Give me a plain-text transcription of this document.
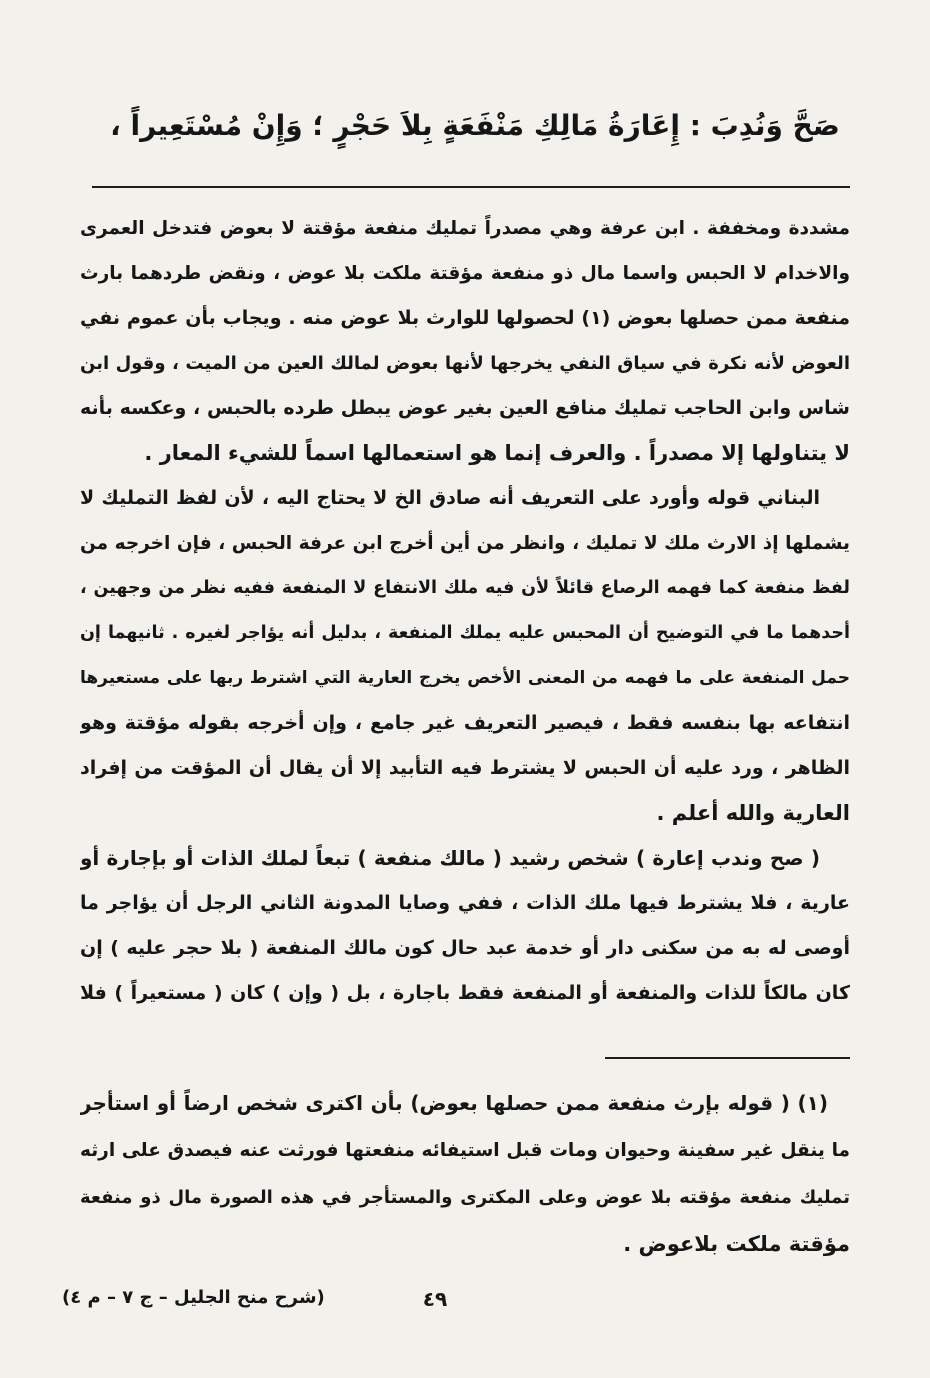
صَحَّ وَنُدِبَ : إِعَارَةُ مَالِكِ مَنْفَعَةٍ بِلاَ حَجْرٍ ؛ وَإِنْ مُسْتَعِيراً ،
مشددة ومخففة . ابن عرفة وهي مصدراً تمليك منفعة مؤقتة لا بعوض فتدخل العمرى
والاخدام لا الحبس واسما مال ذو منفعة مؤقتة ملكت بلا عوض ، ونقض طردهما بارث
منفعة ممن حصلها بعوض (١) لحصولها للوارث بلا عوض منه . ويجاب بأن عموم نفي
العوض لأنه نكرة في سياق النفي يخرجها لأنها بعوض لمالك العين من الميت ، وقول ابن
شاس وابن الحاجب تمليك منافع العين بغير عوض يبطل طرده بالحبس ، وعكسه بأنه
لا يتناولها إلا مصدراً . والعرف إنما هو استعمالها اسماً للشيء المعار .
البناني قوله وأورد على التعريف أنه صادق الخ لا يحتاج اليه ، لأن لفظ التمليك لا
يشملها إذ الارث ملك لا تمليك ، وانظر من أين أخرج ابن عرفة الحبس ، فإن اخرجه من
لفظ منفعة كما فهمه الرصاع قائلاً لأن فيه ملك الانتفاع لا المنفعة ففيه نظر من وجهين ،
أحدهما ما في التوضيح أن المحبس عليه يملك المنفعة ، بدليل أنه يؤاجر لغيره . ثانيهما إن
حمل المنفعة على ما فهمه من المعنى الأخص يخرج العارية التي اشترط ربها على مستعيرها
انتفاعه بها بنفسه فقط ، فيصير التعريف غير جامع ، وإن أخرجه بقوله مؤقتة وهو
الظاهر ، ورد عليه أن الحبس لا يشترط فيه التأبيد إلا أن يقال أن المؤقت من إفراد
العارية والله أعلم .
( صح وندب إعارة ) شخص رشيد ( مالك منفعة ) تبعاً لملك الذات أو بإجارة أو
عارية ، فلا يشترط فيها ملك الذات ، ففي وصايا المدونة الثاني الرجل أن يؤاجر ما
أوصى له به من سكنى دار أو خدمة عبد حال كون مالك المنفعة ( بلا حجر عليه ) إن
كان مالكاً للذات والمنفعة أو المنفعة فقط باجارة ، بل ( وإن ) كان ( مستعيراً ) فلا
(١) ( قوله بإرث منفعة ممن حصلها بعوض) بأن اكترى شخص ارضاً أو استأجر
ما ينقل غير سفينة وحيوان ومات قبل استيفائه منفعتها فورثت عنه فيصدق على ارثه
تمليك منفعة مؤقته بلا عوض وعلى المكترى والمستأجر في هذه الصورة مال ذو منفعة
مؤقتة ملكت بلاعوض .
٤٩
(شرح منح الجليل – ج ٧ – م ٤)
